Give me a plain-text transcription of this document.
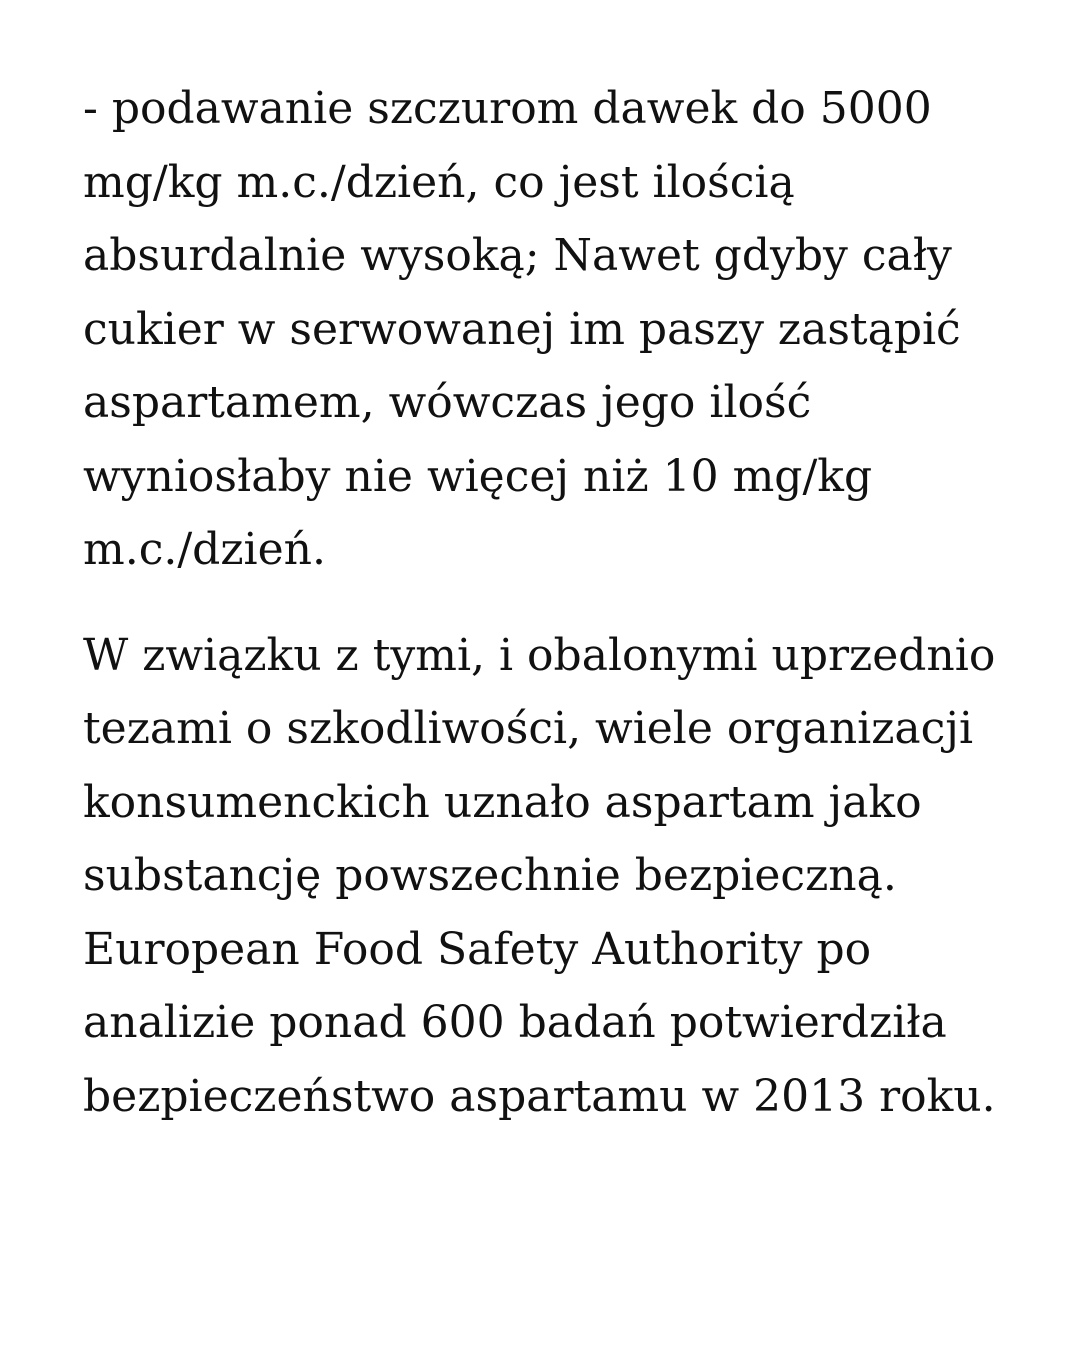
- podawanie szczurom dawek do 5000
mg/kg m.c./dzień, co jest ilością
absurdalnie wysoką; Nawet gdyby cały
cukier w serwowanej im paszy zastąpić
aspartamem, wówczas jego ilość
wyniosłaby nie więcej niż 10 mg/kg
m.c./dzień.

W związku z tymi, i obalonymi uprzednio
tezami o szkodliwości, wiele organizacji
konsumenckich uznało aspartam jako
substancję powszechnie bezpieczną.
European Food Safety Authority po
analizie ponad 600 badań potwierdziła
bezpieczeństwo aspartamu w 2013 roku.
